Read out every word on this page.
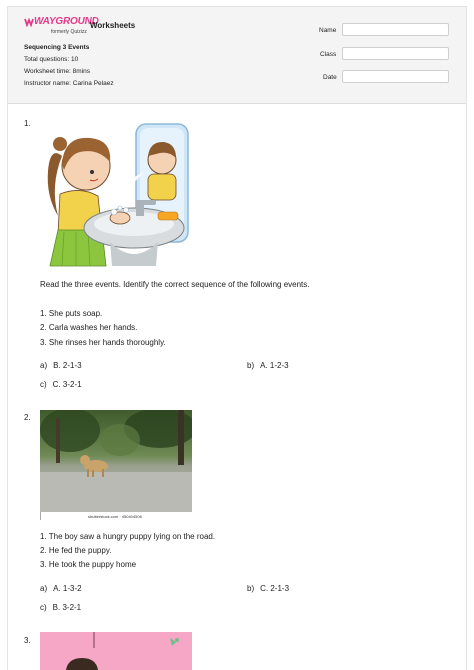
WAYGROUND
formerly Quizizz
Worksheets
Sequencing 3 Events
Total questions: 10
Worksheet time: 8mins
Instructor name: Carina Pelaez
Name
Class
Date
1.
Read the three events. Identify the correct sequence of the following events.
1. She puts soap.
2. Carla washes her hands.
3. She rinses her hands thoroughly.
a) B. 2-1-3	b) A. 1-2-3
c) C. 3-2-1
2.
shutterstock.com · 450404506
1. The boy saw a hungry puppy lying on the road.
2. He fed the puppy.
3. He took the puppy home
a) A. 1-3-2	b) C. 2-1-3
c) B. 3-2-1
3.
